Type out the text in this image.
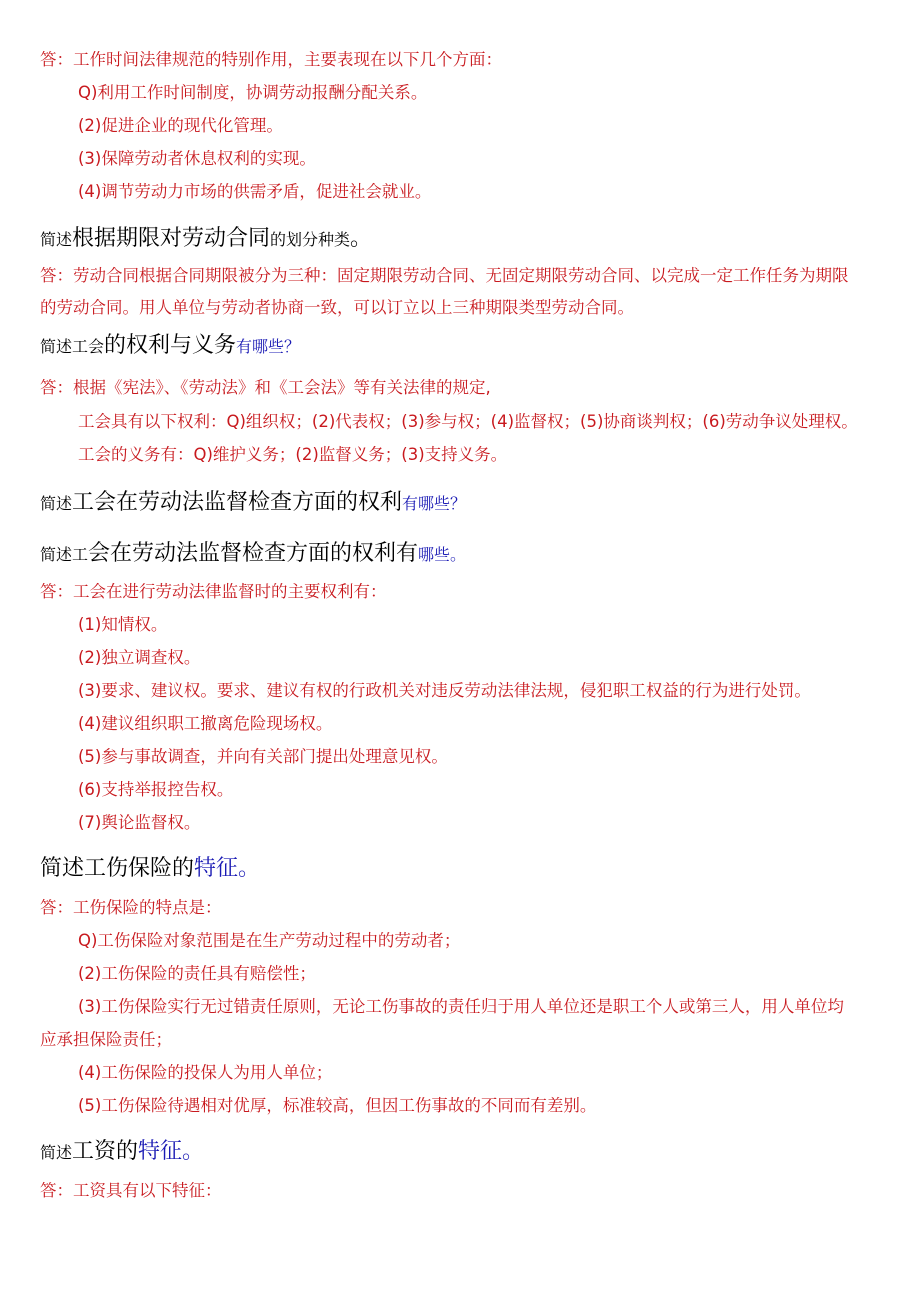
答：工作时间法律规范的特别作用，主要表现在以下几个方面：
Q)利用工作时间制度，协调劳动报酬分配关系。
(2)促进企业的现代化管理。
(3)保障劳动者休息权利的实现。
(4)调节劳动力市场的供需矛盾，促进社会就业。
简述根据期限对劳动合同的划分种类。
答：劳动合同根据合同期限被分为三种：固定期限劳动合同、无固定期限劳动合同、以完成一定工作任务为期限
的劳动合同。用人单位与劳动者协商一致，可以订立以上三种期限类型劳动合同。
简述工会的权利与义务有哪些？
答：根据《宪法》、《劳动法》和《工会法》等有关法律的规定,
工会具有以下权利：Q)组织权；(2)代表权；(3)参与权；(4)监督权；(5)协商谈判权；(6)劳动争议处理权。
工会的义务有：Q)维护义务；(2)监督义务；(3)支持义务。
简述工会在劳动法监督检查方面的权利有哪些？
简述工会在劳动法监督检查方面的权利有哪些。
答：工会在进行劳动法律监督时的主要权利有：
(1)知情权。
(2)独立调查权。
(3)要求、建议权。要求、建议有权的行政机关对违反劳动法律法规，侵犯职工权益的行为进行处罚。
(4)建议组织职工撤离危险现场权。
(5)参与事故调查，并向有关部门提出处理意见权。
(6)支持举报控告权。
(7)舆论监督权。
简述工伤保险的特征。
答：工伤保险的特点是：
Q)工伤保险对象范围是在生产劳动过程中的劳动者；
(2)工伤保险的责任具有赔偿性；
(3)工伤保险实行无过错责任原则，无论工伤事故的责任归于用人单位还是职工个人或第三人，用人单位均
应承担保险责任；
(4)工伤保险的投保人为用人单位；
(5)工伤保险待遇相对优厚，标准较高，但因工伤事故的不同而有差别。
简述工资的特征。
答：工资具有以下特征：
